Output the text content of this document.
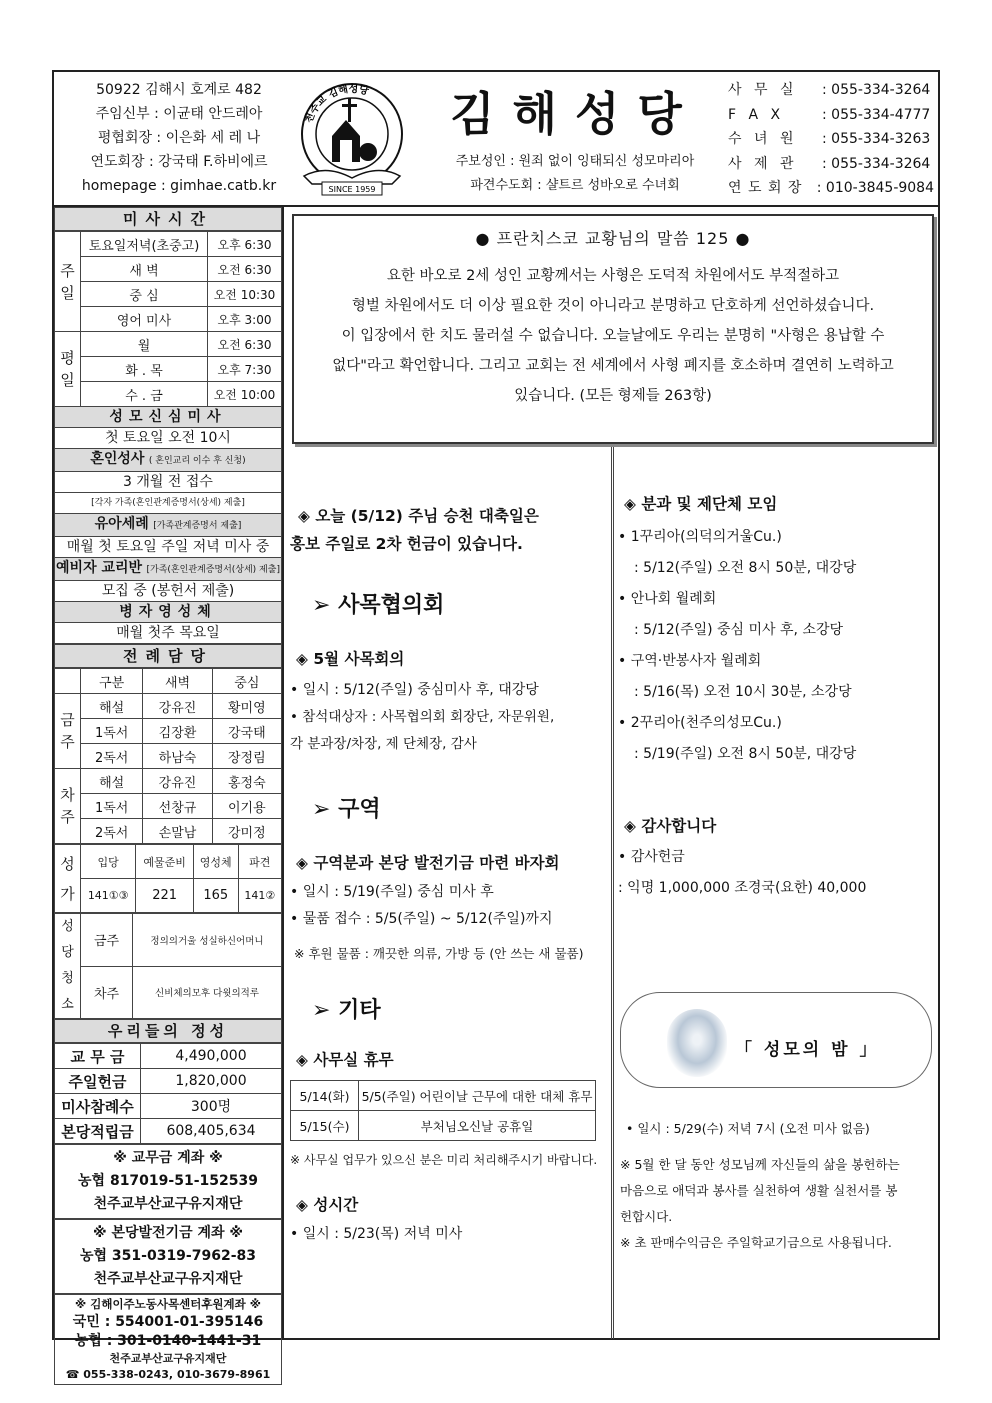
50922 김해시 호계로 482
주임신부 : 이균태 안드레아
평협회장 : 이은화 세 레 나
연도회장 : 강국태 F.하비에르
homepage : gimhae.catb.kr
천주교 김해성당
SINCE 1959
김해성당
주보성인 : 원죄 없이 잉태되신 성모마리아
파견수도회 : 샬트르 성바오로 수녀회
사 무 실	: 055-334-3264
F A X	: 055-334-4777
수 녀 원	: 055-334-3263
사 제 관	: 055-334-3264
연 도 회 장	: 010-3845-9084
미사시간
주일	토요일저녁(초중고)	오후 6:30
	새 벽	오전 6:30
	중 심	오전 10:30
	영어 미사	오후 3:00
평일	월	오전 6:30
	화 . 목	오후 7:30
	수 . 금	오전 10:00
성모신심미사
첫 토요일 오전 10시
혼인성사 ( 혼인교리 이수 후 신청)
3 개월 전 접수
[각자 가족(혼인관계증명서(상세) 제출]
유아세례 [가족관계증명서 제출]
매월 첫 토요일 주일 저녁 미사 중
예비자 교리반 [가족(혼인관계증명서(상세) 제출]
모집 중 (봉헌서 제출)
병자영성체
매월 첫주 목요일
전례담당
	구분	새벽	중심
금주	해설	강유진	황미영
	1독서	김장환	강국태
	2독서	하남숙	장정림
차주	해설	강유진	홍정숙
	1독서	선창규	이기용
	2독서	손말남	강미정
성가	입당	예물준비	영성체	파견
	141①③	221	165	141②
성당청소	금주	정의의거울 성실하신어머니
	차주	신비체의모후 다윗의적루
우리들의 정성
교 무 금	4,490,000
주일헌금	1,820,000
미사참례수	300명
본당적립금	608,405,634
※ 교무금 계좌 ※
농협 817019-51-152539
천주교부산교구유지재단
※ 본당발전기금 계좌 ※
농협 351-0319-7962-83
천주교부산교구유지재단
※ 김해이주노동사목센터후원계좌 ※
국민 : 554001-01-395146
농협 : 301-0140-1441-31
천주교부산교구유지재단
☎ 055-338-0243, 010-3679-8961
● 프란치스코 교황님의 말씀 125 ●

요한 바오로 2세 성인 교황께서는 사형은 도덕적 차원에서도 부적절하고

형벌 차원에서도 더 이상 필요한 것이 아니라고 분명하고 단호하게 선언하셨습니다.

이 입장에서 한 치도 물러설 수 없습니다. 오늘날에도 우리는 분명히 "사형은 용납할 수

없다"라고 확언합니다. 그리고 교회는 전 세계에서 사형 폐지를 호소하며 결연히 노력하고

있습니다. (모든 형제들 263항)

◈ 오늘 (5/12) 주님 승천 대축일은
홍보 주일로 2차 헌금이 있습니다.
➢ 사목협의회
◈ 5월 사목회의
• 일시 : 5/12(주일) 중심미사 후, 대강당
• 참석대상자 : 사목협의회 회장단, 자문위원,
각 분과장/차장, 제 단체장, 감사
➢ 구역
◈ 구역분과 본당 발전기금 마련 바자회
• 일시 : 5/19(주일) 중심 미사 후
• 물품 접수 : 5/5(주일) ~ 5/12(주일)까지
※ 후원 물품 : 깨끗한 의류, 가방 등 (안 쓰는 새 물품)
➢ 기타
◈ 사무실 휴무
5/14(화)	5/5(주일) 어린이날 근무에 대한 대체 휴무
5/15(수)	부처님오신날 공휴일
※ 사무실 업무가 있으신 분은 미리 처리해주시기 바랍니다.
◈ 성시간
• 일시 : 5/23(목) 저녁 미사
◈ 분과 및 제단체 모임
• 1꾸리아(의덕의거울Cu.)
: 5/12(주일) 오전 8시 50분, 대강당
• 안나회 월례회
: 5/12(주일) 중심 미사 후, 소강당
• 구역·반봉사자 월례회
: 5/16(목) 오전 10시 30분, 소강당
• 2꾸리아(천주의성모Cu.)
: 5/19(주일) 오전 8시 50분, 대강당
◈ 감사합니다
• 감사헌금
: 익명 1,000,000 조경국(요한) 40,000
「 성모의 밤 」
• 일시 : 5/29(수) 저녁 7시 (오전 미사 없음)
※ 5월 한 달 동안 성모님께 자신들의 삶을 봉헌하는
마음으로 애덕과 봉사를 실천하여 생활 실천서를 봉
헌합시다.
※ 초 판매수익금은 주일학교기금으로 사용됩니다.
